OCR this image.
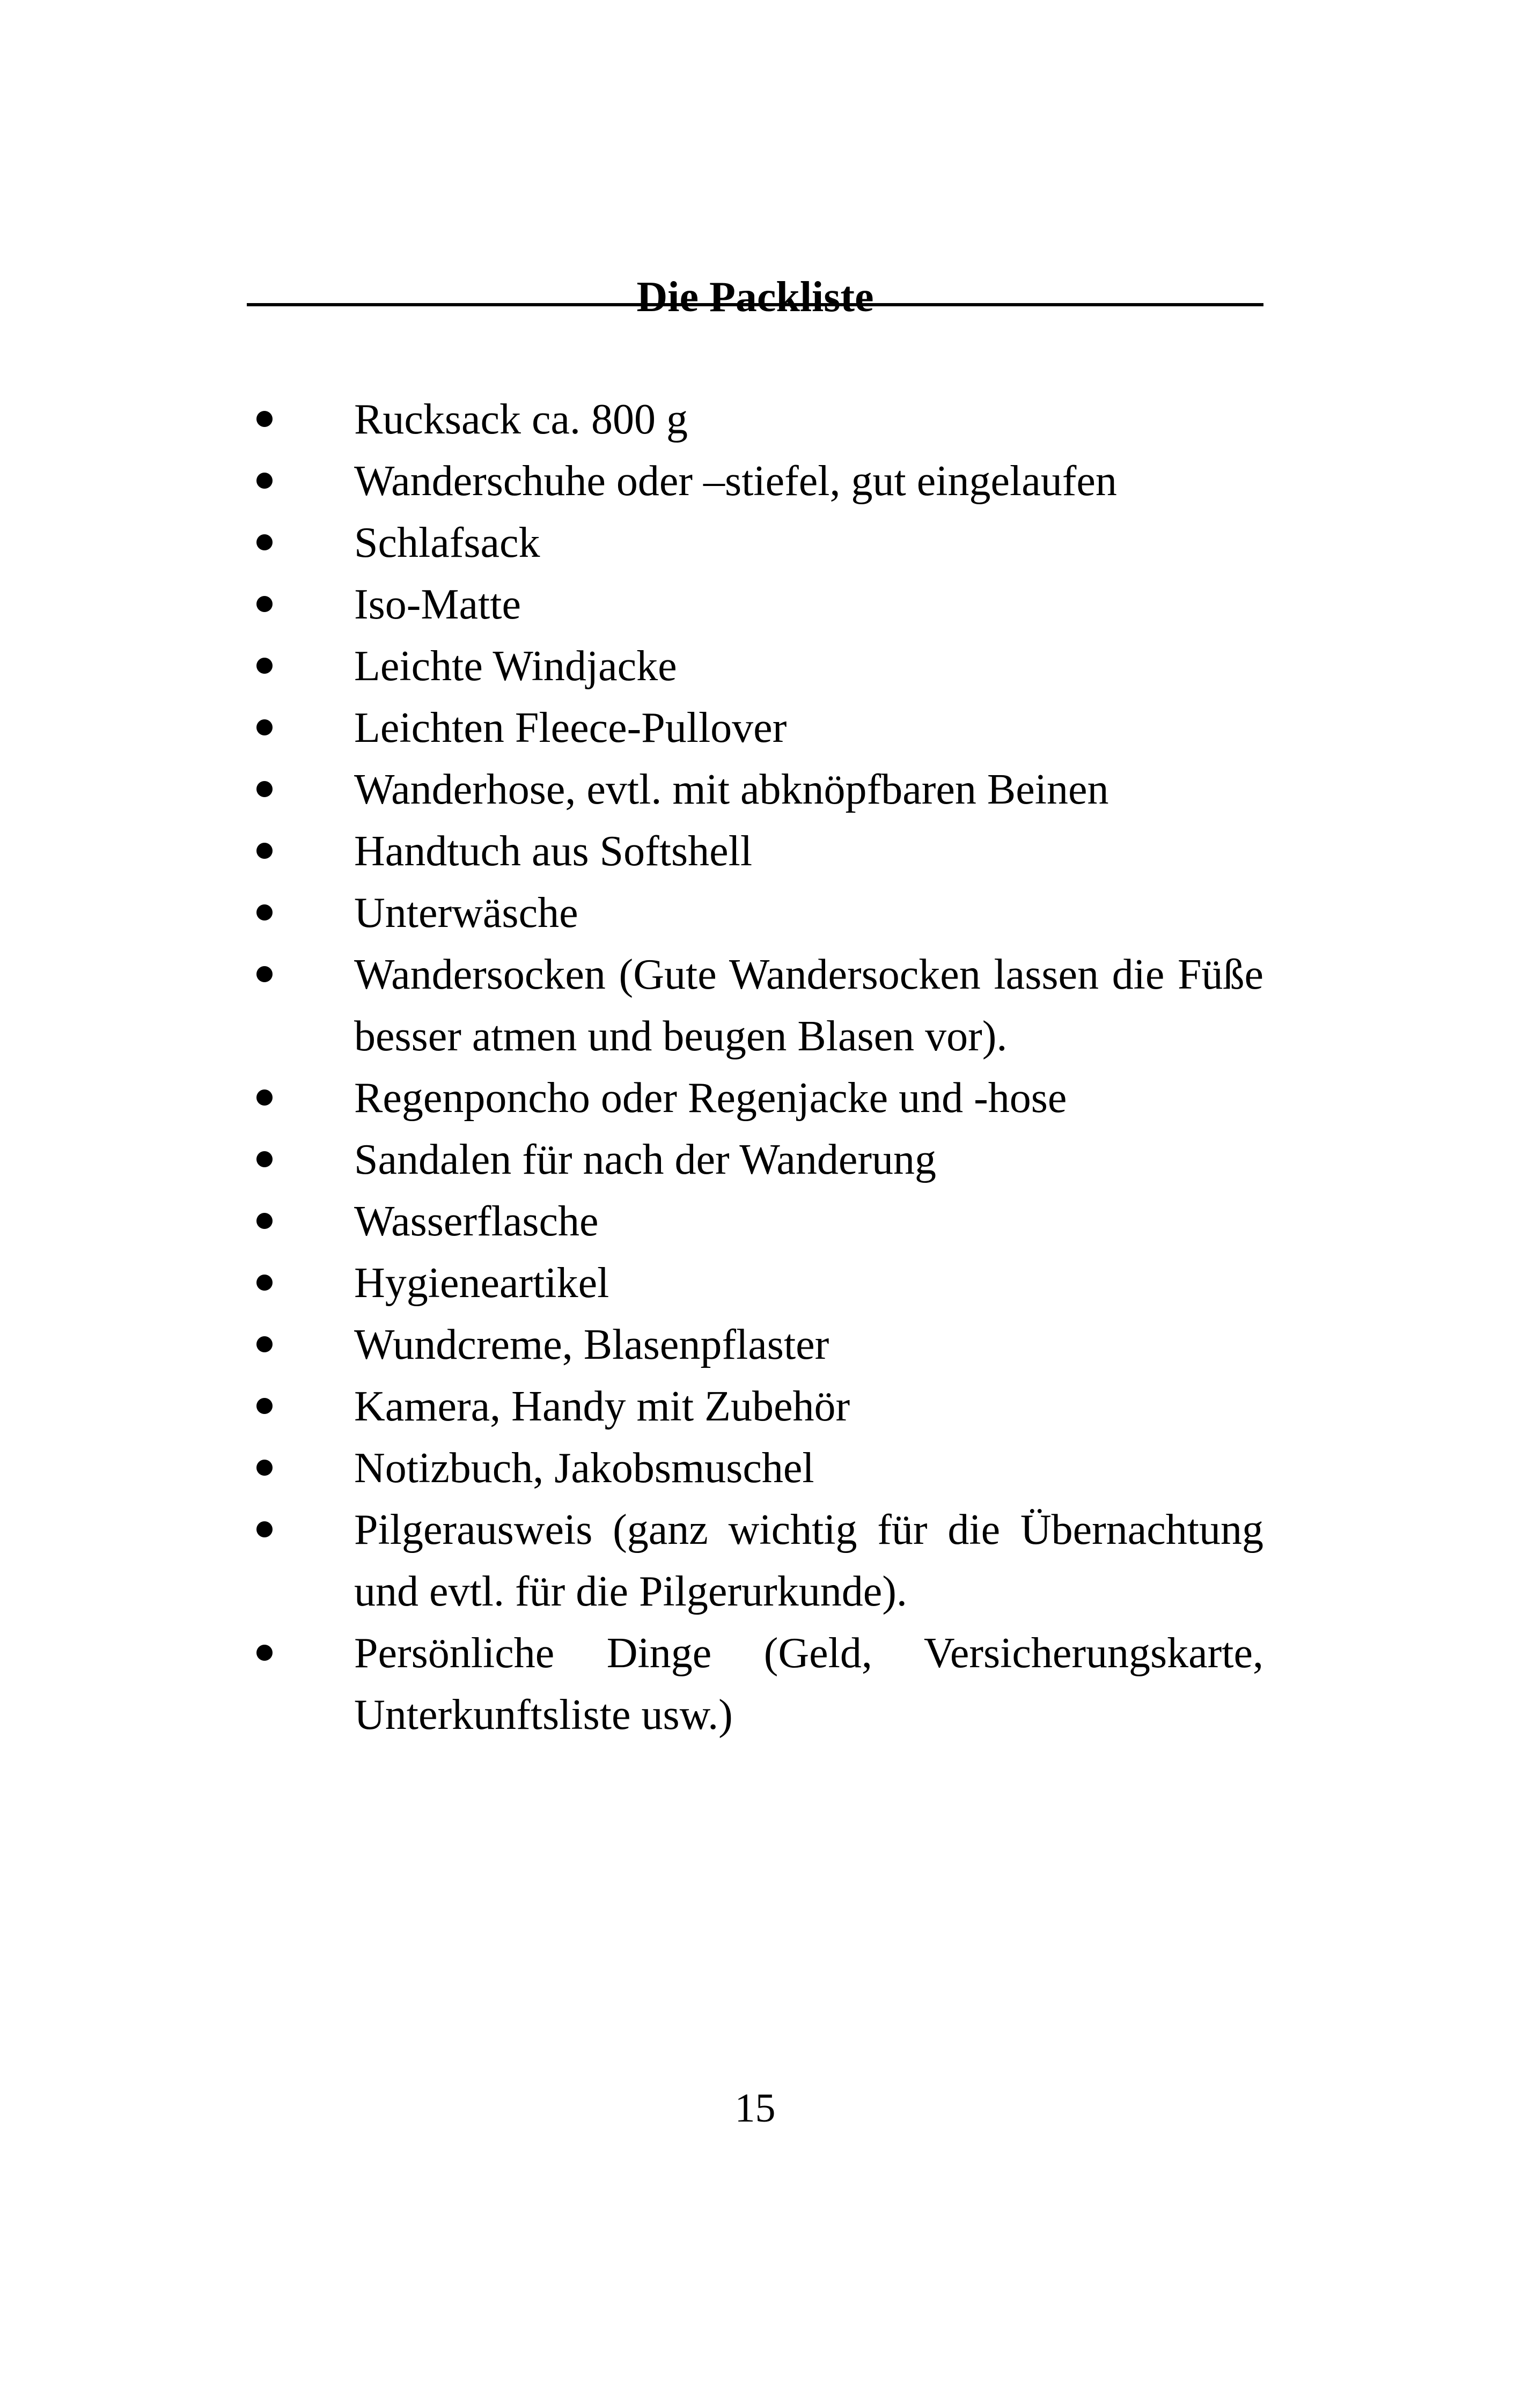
Die Packliste
Rucksack ca. 800 g
Wanderschuhe oder –stiefel, gut eingelaufen
Schlafsack
Iso-Matte
Leichte Windjacke
Leichten Fleece-Pullover
Wanderhose, evtl. mit abknöpfbaren Beinen
Handtuch aus Softshell
Unterwäsche
Wandersocken (Gute Wandersocken lassen die Füße besser atmen und beugen Blasen vor).
Regenponcho oder Regenjacke und -hose
Sandalen für nach der Wanderung
Wasserflasche
Hygieneartikel
Wundcreme, Blasenpflaster
Kamera, Handy mit Zubehör
Notizbuch, Jakobsmuschel
Pilgerausweis (ganz wichtig für die Übernachtung und evtl. für die Pilgerurkunde).
Persönliche Dinge (Geld, Versicherungskarte, Unterkunftsliste usw.)
15
